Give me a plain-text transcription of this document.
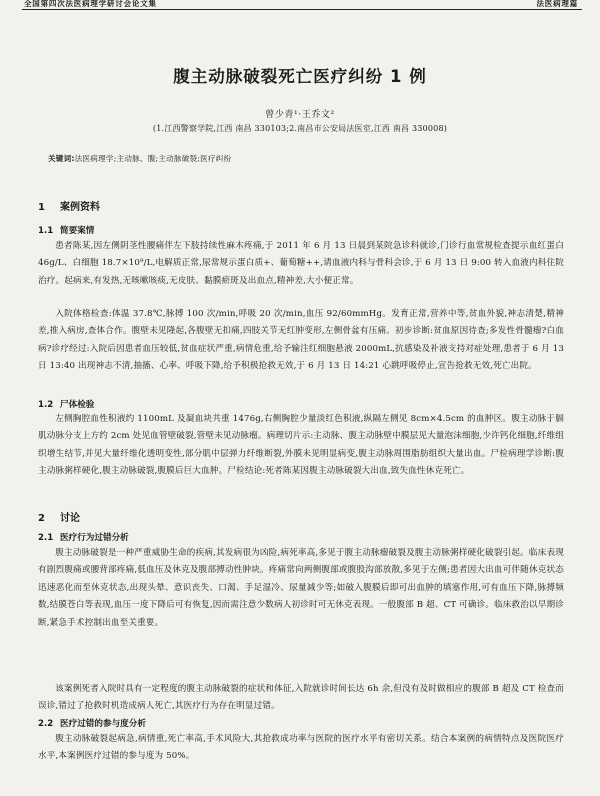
全国第四次法医病理学研讨会论文集	法医病理篇
腹主动脉破裂死亡医疗纠纷 1 例
曾少青¹·王乔文²
(1.江西警察学院,江西 南昌 330103;2.南昌市公安局法医室,江西 南昌 330008)
关键词:法医病理学;主动脉、腹;主动脉破裂;医疗纠纷
1 案例资料
1.1 简要案情
患者陈某,因左侧阴茎性腰痛伴左下肢持续性麻木疼痛,于 2011 年 6 月 13 日晨到某院急诊科就诊,门诊行血常规检查提示血红蛋白 46g/L、白细胞 18.7×10⁹/L,电解质正常,尿常规示蛋白质+、葡萄糖++,请血液内科与骨科会诊,于 6 月 13 日 9:00 转入血液内科住院治疗。起病来,有发热,无咳嗽咳痰,无皮肤、黏膜瘀斑及出血点,精神差,大小便正常。
入院体格检查:体温 37.8℃,脉搏 100 次/min,呼吸 20 次/min,血压 92/60mmHg。发育正常,营养中等,贫血外貌,神志清楚,精神差,推入病房,查体合作。腹壁未见隆起,各腹壁无扣痛,四肢关节无红肿变形,左侧骨盆有压痛。初步诊断:贫血原因待查;多发性骨髓瘤?白血病?诊疗经过:入院后因患者血压较低,贫血症状严重,病情危重,给予输注红细胞悬液 2000mL,抗感染及补液支持对症处理,患者于 6 月 13 日 13:40 出现神志不清,抽搐、心率、呼吸下降,给予积极抢救无效,于 6 月 13 日 14:21 心跳呼吸停止,宣告抢救无效,死亡出院。
1.2 尸体检验
左侧胸腔血性积液约 1100mL 及凝血块共重 1476g,右侧胸腔少量淡红色积液,纵隔左侧见 8cm×4.5cm 的血肿区。腹主动脉于膈肌动脉分支上方约 2cm 处见血管壁破裂,管壁未见动脉瘤。病理切片示:主动脉、腹主动脉壁中膜层见大量泡沫细胞,少许钙化细胞,纤维组织增生结节,并见大量纤维化透明变性,部分肌中层弹力纤维断裂,外膜未见明显病变,腹主动脉周围脂肪组织大量出血。尸检病理学诊断:腹主动脉粥样硬化,腹主动脉破裂,腹膜后巨大血肿。尸检结论:死者陈某因腹主动脉破裂大出血,致失血性休克死亡。
2 讨论
2.1 医疗行为过错分析
腹主动脉破裂是一种严重威胁生命的疾病,其发病很为凶险,病死率高,多见于腹主动脉瘤破裂及腹主动脉粥样硬化破裂引起。临床表现有剧烈腹痛或腰背部疼痛,低血压及休克及腹部搏动性肿块。疼痛常向两侧腹部或腹股沟部放散,多见于左侧;患者因大出血可伴随休克状态迅速恶化而至休克状态,出现头晕、意识丧失、口渴、手足湿冷、尿量减少等;如破入腹膜后即可出血肿的填塞作用,可有血压下降,脉搏频数,结膜苍白等表现,血压一度下降后可有恢复,因而需注意少数病人初诊时可无休克表现。一般腹部 B 超、CT 可确诊。临床救治以早期诊断,紧急手术控制出血至关重要。
该案例死者入院时具有一定程度的腹主动脉破裂的症状和体征,入院就诊时间长达 6h 余,但没有及时做相应的腹部 B 超及 CT 检查而误诊,错过了抢救时机造成病人死亡,其医疗行为存在明显过错。
2.2 医疗过错的参与度分析
腹主动脉破裂起病急,病情重,死亡率高,手术风险大,其抢救成功率与医院的医疗水平有密切关系。结合本案例的病情特点及医院医疗水平,本案例医疗过错的参与度为 50%。
